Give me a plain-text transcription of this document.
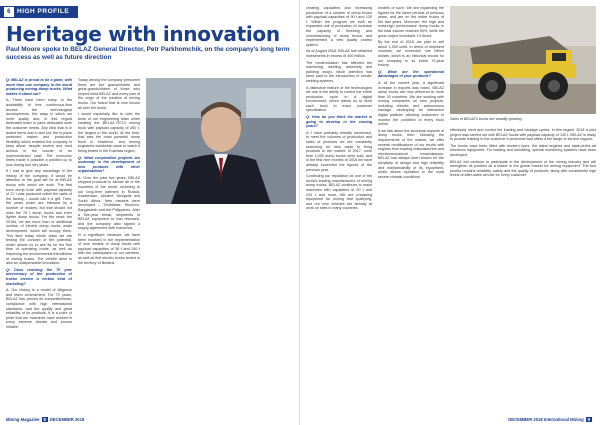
6 HIGH PROFILE
Heritage with innovation
Paul Moore spoke to BELAZ General Director, Petr Parkhomchik, on the company’s long term success as well as future direction

Q: BELAZ is proud to be a giant, with more than one company in the world producing mining dump trucks. What makes it stand out?

A: There have been many. In the availability of free continuous-flow access, the technological developments, the ways in which we meet quality and, in this regard dedicated team in parts dedicated work the customer needs. Any idea that is in tested forms and in and out; the in place protected makes and production flexibility which enabled the company to keep afloat, despite severe and hard actions in the course of an unprecedented past. The economic times made it possible a position up to now during four key years.

If I had to give any advantage in the history of the company, it would be attention to the goal set for at BELAZ trucks with which we work. The first such dump truck with payload capacity of 27 t was produced within the walls of the factory. I would call it a gift. Then, the years which are followed by a number of models, but that should not miss the 75 t dump trucks and even lighter dump trucks. For the most: the 2015s, we are more than or additional number of electric dump trucks under development, which will occupy them. This time today whole class we are testing the concept of the potential, which allows us to see its for the first time of operating mode, as well as improving the environmental friendliness of mining trucks. The vehicle drive is also an indispensable innovation.

Q: Does reaching the 70 year anniversary of the production of trucks involve a certain kind of marketing?

A: Our history is a model of diligence and team commitment. For 70 years, BELAZ has proved its competitiveness, compliance with high international standards, and the quality and great reliability of its products. It is a point of pride that our machines have worked in every extreme climate and proven reliable.

Today among the company personnel there are the grandchildren and great-grandchildren of those who helped build BELAZ and every part of the origin of the creation of mining trucks. Our brand that is now known all over the world.

I would especially like to note the work of our engineering team when creating the BELAZ-75710 mining truck with payload capacity of 450 t, the largest in the world. At the time, that was the most powerful dump truck in existence, and mining engineers worldwide came to watch it being tested in the Kuzbass region.

Q: What cooperation projects are underway in the development of new products with other organisations?

A: Over the past five years, BELAZ shipped products to almost all of the countries of the world, including to our long-term partners in Russia, Kazakhstan, Ukraine, Mongolia and South Africa. New markets were developed – Zimbabwe, Morocco, Bangladesh and the Philippines. After a five-year break, shipments of BELAZ equipment to Iran resumed, and the company also signed a supply agreement with Indonesia.

In a significant measure, we have been involved in the implementation of new models of dump trucks with payload capacities of 36 t and 240 t with the participation of our partners, as well as first electric trucks tested in the territory of Belarus.

Mining Magazine 8 DECEMBER 2018

creating capacities and increasing production of a number of dump trucks with payload capacities of 90 t and 130 t. Within the program we built an expanded unit of production to increase the capacity of finishing and commissioning of dump trucks, and implemented a new quality control system.

As of August 2018, BELAZ has obtained investments in excess of 300 million.

The modernisation has affected the machining, welding, assembly and painting shops. Much attention has been paid to the introduction of robotic welding systems.

A distinctive feature of the technologies we use is the ability to control the entire production cycle in a digital environment, which allows us to build each truck to exact customer specification.

Q: How do you think the market is going to develop in the coming years?

A: I have probably already mentioned, to meet the volumes of production and sales of products we are constantly searching for new ways to bring products to the market. In 2017, more than 1,000 dump trucks were sold, and in the first nine months of 2018 we have already exceeded the figures of the previous year.

Continuing our reputation as one of the world’s leading manufacturers of mining dump trucks, BELAZ continues to make machines with capacities of 90 t and 220 t and more. We are preparing equipment for mining and quarrying, and our new vehicles are already at work on sites in many countries.

models of such. We are expanding the figures for the same periods of previous years, and are on the entire trucks of the last years. Moreover, the high and extra-high performance dump trucks in the total volume reached 50%, while the gross output increased 1.5 times.

By the end of 2018, we plan to sell about 1,000 units. In terms of shipment volumes, we exceeded one billion dollars, which is an historical record for our company in its entire 70-year history.

Q: What are the operational advantages of your products?

A: At the current year, a significant increase in exports was noted. BELAZ dump trucks are now delivered to more than 20 countries. We are working with mining companies on new projects, including electric and autonomous haulage, developing an interactive digital platform allowing customers to monitor the condition of every truck online.

If we talk about the structural aspects of dump trucks, then, following the requirements of the market, we offer several modifications of our trucks with engines from leading manufacturers and electromechanical transmissions. BELAZ has always been known for the simplicity of design and high reliability and maintainability of its equipment, which allows operation in the most severe climatic conditions.

Sales of BELAZ’s trucks are steadily growing

effectively meet and control the loading and haulage cycles. In this regard, 2018 a pilot project was carried out with BELAZ trucks with payload capacity of 130 t. BELAZ is ready to provide training to the customer’s personnel and offers a full range of service support.

The trucks have been fitted with modern tyres, the latest engines and state-of-the-art electronic equipment. For loading and unloading, special monitoring systems have been developed.

BELAZ will continue to participate in the development of the mining industry and will strengthen its position as a leader in the global market for mining equipment. The first priority remains reliability, safety and the quality of products, along with consistently high levels of after-sales service for every customer.

DECEMBER 2018 International Mining 9
